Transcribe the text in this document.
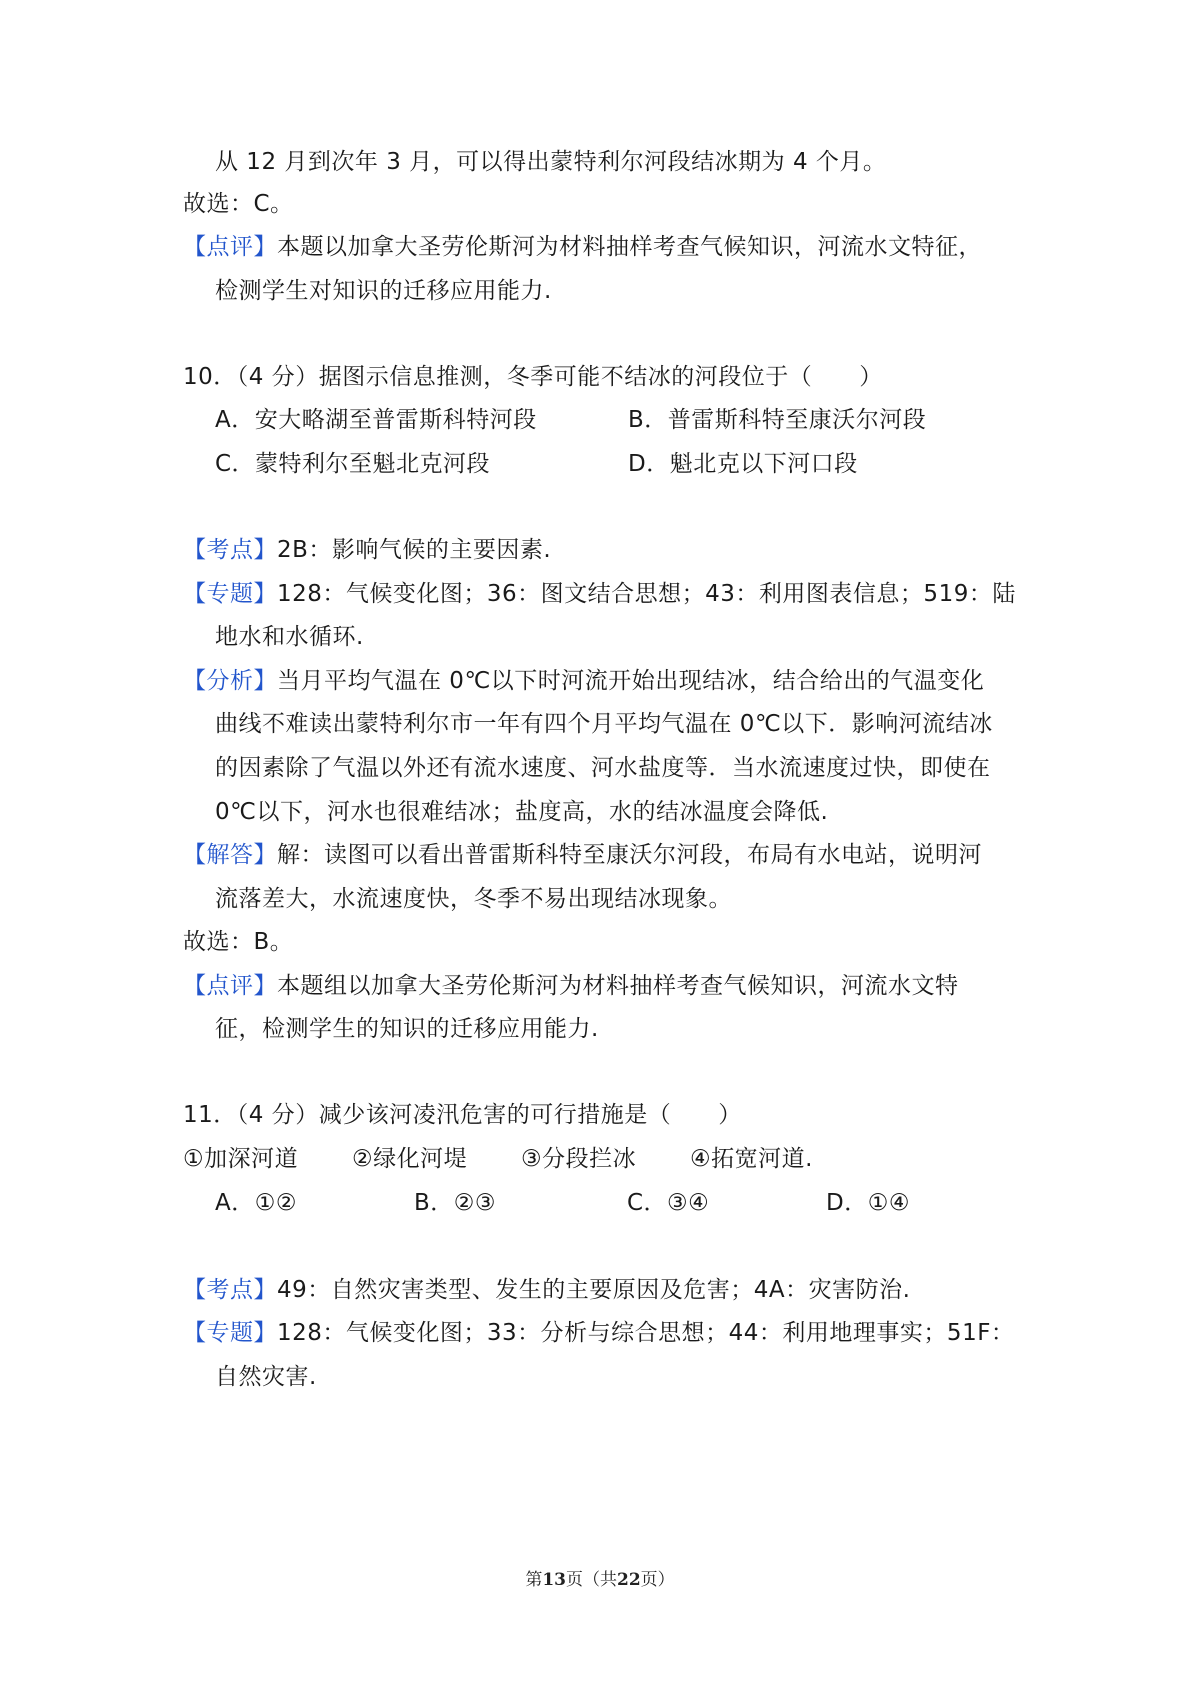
从 12 月到次年 3 月，可以得出蒙特利尔河段结冰期为 4 个月。
故选：C。
【点评】本题以加拿大圣劳伦斯河为材料抽样考查气候知识，河流水文特征，
检测学生对知识的迁移应用能力.
10．（4 分）据图示信息推测，冬季可能不结冰的河段位于（　　）
A．安大略湖至普雷斯科特河段	B．普雷斯科特至康沃尔河段
C．蒙特利尔至魁北克河段	D．魁北克以下河口段
【考点】2B：影响气候的主要因素.
【专题】128：气候变化图；36：图文结合思想；43：利用图表信息；519：陆
地水和水循环.
【分析】当月平均气温在 0℃以下时河流开始出现结冰，结合给出的气温变化
曲线不难读出蒙特利尔市一年有四个月平均气温在 0℃以下．影响河流结冰
的因素除了气温以外还有流水速度、河水盐度等．当水流速度过快，即使在
0℃以下，河水也很难结冰；盐度高，水的结冰温度会降低.
【解答】解：读图可以看出普雷斯科特至康沃尔河段，布局有水电站，说明河
流落差大，水流速度快，冬季不易出现结冰现象。
故选：B。
【点评】本题组以加拿大圣劳伦斯河为材料抽样考查气候知识，河流水文特
征，检测学生的知识的迁移应用能力.
11．（4 分）减少该河凌汛危害的可行措施是（　　）
①加深河道 ②绿化河堤 ③分段拦冰 ④拓宽河道.
A．①②	B．②③	C．③④	D．①④
【考点】49：自然灾害类型、发生的主要原因及危害；4A：灾害防治.
【专题】128：气候变化图；33：分析与综合思想；44：利用地理事实；51F：
自然灾害.
第13页（共22页）
